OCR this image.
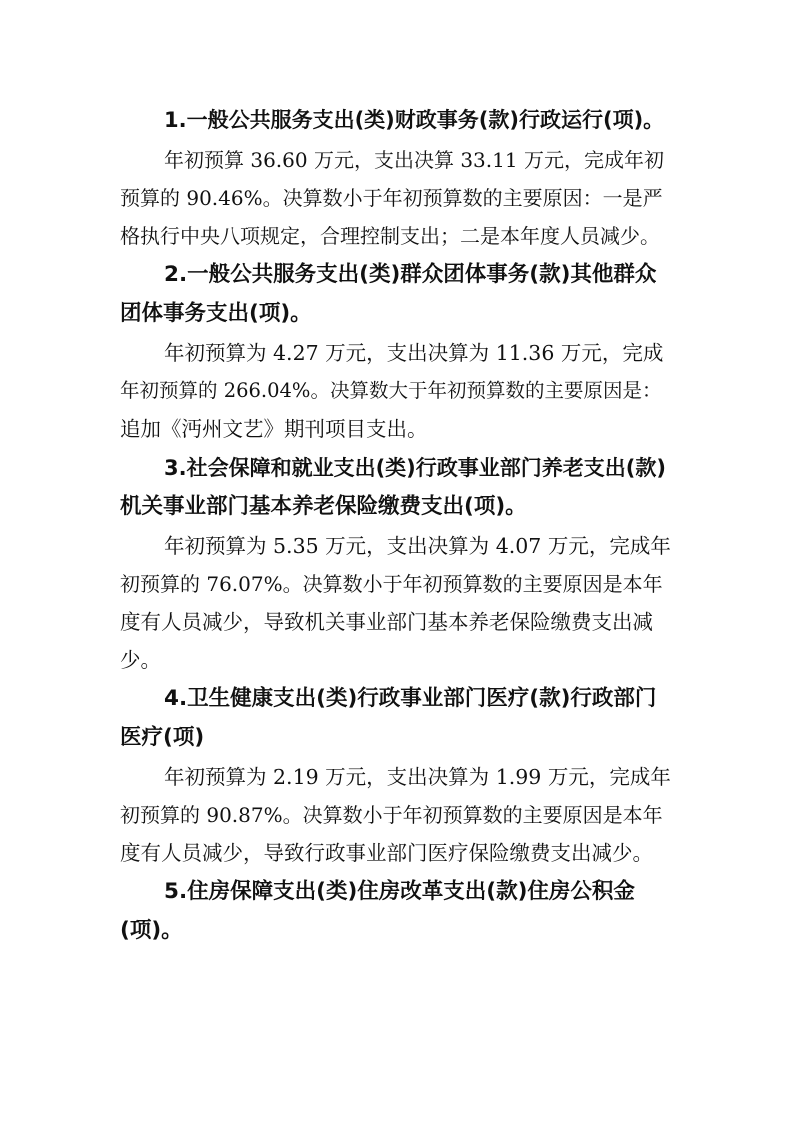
1.一般公共服务支出(类)财政事务(款)行政运行(项)。
年初预算 36.60 万元，支出决算 33.11 万元，完成年初
预算的 90.46%。决算数小于年初预算数的主要原因：一是严
格执行中央八项规定，合理控制支出；二是本年度人员减少。
2.一般公共服务支出(类)群众团体事务(款)其他群众
团体事务支出(项)。
年初预算为 4.27 万元，支出决算为 11.36 万元，完成
年初预算的 266.04%。决算数大于年初预算数的主要原因是：
追加《沔州文艺》期刊项目支出。
3.社会保障和就业支出(类)行政事业部门养老支出(款)
机关事业部门基本养老保险缴费支出(项)。
年初预算为 5.35 万元，支出决算为 4.07 万元，完成年
初预算的 76.07%。决算数小于年初预算数的主要原因是本年
度有人员减少，导致机关事业部门基本养老保险缴费支出减
少。
4.卫生健康支出(类)行政事业部门医疗(款)行政部门
医疗(项)
年初预算为 2.19 万元，支出决算为 1.99 万元，完成年
初预算的 90.87%。决算数小于年初预算数的主要原因是本年
度有人员减少，导致行政事业部门医疗保险缴费支出减少。
5.住房保障支出(类)住房改革支出(款)住房公积金
(项)。
